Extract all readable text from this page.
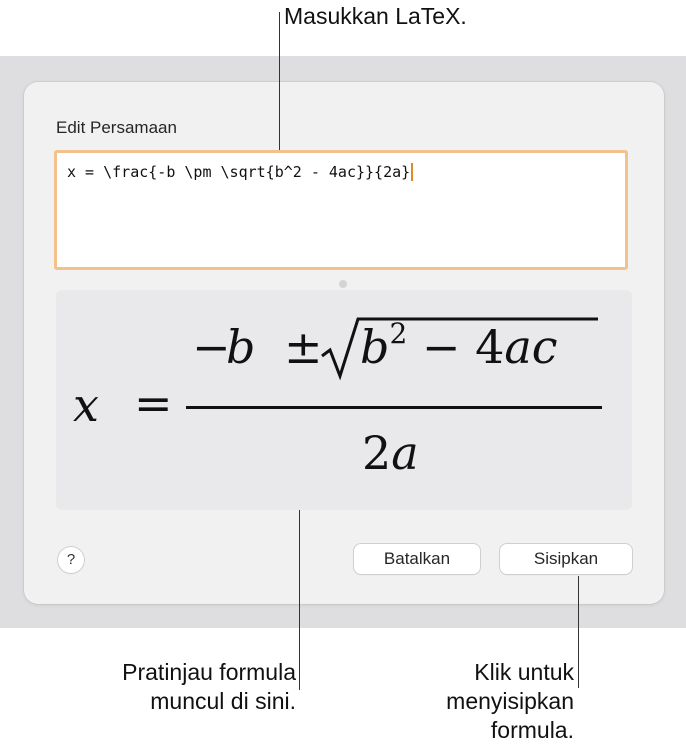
Edit Persamaan
x = \frac{-b \pm \sqrt{b^2 - 4ac}}{2a}
x =
−
$b \pm b^2 - 4ac$
2a
?	Batalkan	Sisipkan
Masukkan LaTeX.
Pratinjau formula
muncul di sini.
Klik untuk
menyisipkan
formula.
